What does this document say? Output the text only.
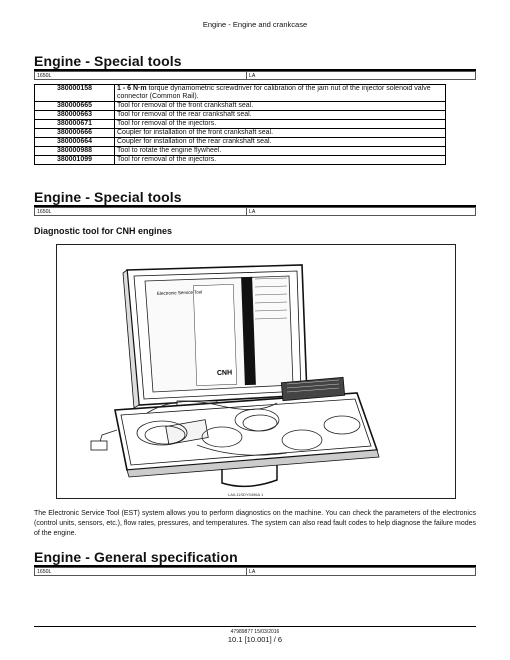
Engine - Engine and crankcase
Engine - Special tools
1650L	LA
380000158	1 - 6 N·m torque dynamometric screwdriver for calibration of the jam nut of the injector solenoid valve connector (Common Rail).
380000665	Tool for removal of the front crankshaft seal.
380000663	Tool for removal of the rear crankshaft seal.
380000671	Tool for removal of the injectors.
380000666	Coupler for installation of the front crankshaft seal.
380000664	Coupler for installation of the rear crankshaft seal.
380000988	Tool to rotate the engine flywheel.
380001099	Tool for removal of the injectors.
Engine - Special tools
1650L	LA
Diagnostic tool for CNH engines
Electronic Service Tool
CNH
LAIL11SDY0496A 1
The Electronic Service Tool (EST) system allows you to perform diagnostics on the machine. You can check the parameters of the electronics (control units, sensors, etc.), flow rates, pressures, and temperatures. The system can also read fault codes to help diagnose the failure modes of the engine.
Engine - General specification
1650L	LA
47989877 15/03/2016
10.1 [10.001] / 6
